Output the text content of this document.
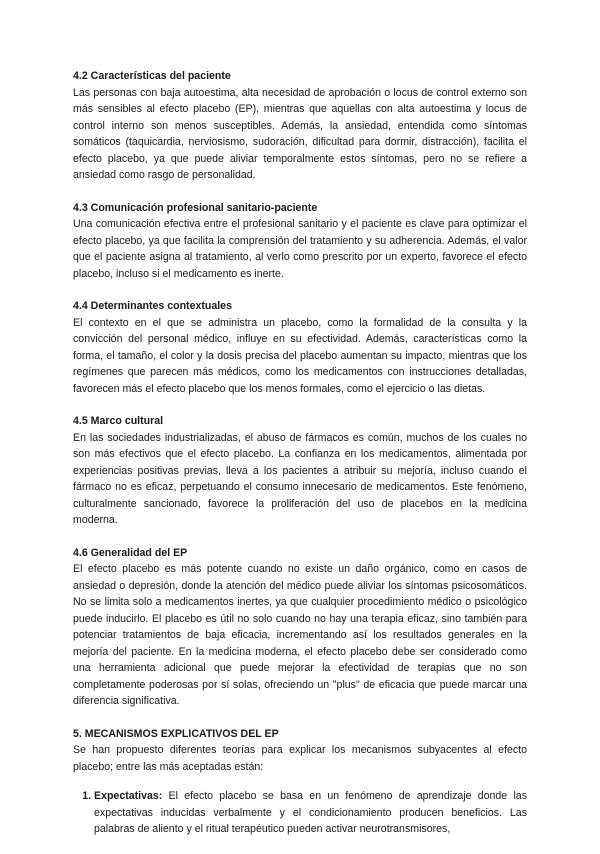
4.2 Características del paciente

Las personas con baja autoestima, alta necesidad de aprobación o locus de control externo son más sensibles al efecto placebo (EP), mientras que aquellas con alta autoestima y locus de control interno son menos susceptibles. Además, la ansiedad, entendida como síntomas somáticos (taquicardia, nerviosismo, sudoración, dificultad para dormir, distracción), facilita el efecto placebo, ya que puede aliviar temporalmente estos síntomas, pero no se refiere a ansiedad como rasgo de personalidad.

4.3 Comunicación profesional sanitario-paciente

Una comunicación efectiva entre el profesional sanitario y el paciente es clave para optimizar el efecto placebo, ya que facilita la comprensión del tratamiento y su adherencia. Además, el valor que el paciente asigna al tratamiento, al verlo como prescrito por un experto, favorece el efecto placebo, incluso si el medicamento es inerte.

4.4 Determinantes contextuales

El contexto en el que se administra un placebo, como la formalidad de la consulta y la convicción del personal médico, influye en su efectividad. Además, características como la forma, el tamaño, el color y la dosis precisa del placebo aumentan su impacto, mientras que los regímenes que parecen más médicos, como los medicamentos con instrucciones detalladas, favorecen más el efecto placebo que los menos formales, como el ejercicio o las dietas.

4.5 Marco cultural

En las sociedades industrializadas, el abuso de fármacos es común, muchos de los cuales no son más efectivos que el efecto placebo. La confianza en los medicamentos, alimentada por experiencias positivas previas, lleva a los pacientes a atribuir su mejoría, incluso cuando el fármaco no es eficaz, perpetuando el consumo innecesario de medicamentos. Este fenómeno, culturalmente sancionado, favorece la proliferación del uso de placebos en la medicina moderna.

4.6 Generalidad del EP

El efecto placebo es más potente cuando no existe un daño orgánico, como en casos de ansiedad o depresión, donde la atención del médico puede aliviar los síntomas psicosomáticos. No se limita solo a medicamentos inertes, ya que cualquier procedimiento médico o psicológico puede inducirlo. El placebo es útil no solo cuando no hay una terapia eficaz, sino también para potenciar tratamientos de baja eficacia, incrementando así los resultados generales en la mejoría del paciente. En la medicina moderna, el efecto placebo debe ser considerado como una herramienta adicional que puede mejorar la efectividad de terapias que no son completamente poderosas por sí solas, ofreciendo un "plus" de eficacia que puede marcar una diferencia significativa.

5. MECANISMOS EXPLICATIVOS DEL EP

Se han propuesto diferentes teorías para explicar los mecanismos subyacentes al efecto placebo; entre las más aceptadas están:

1. Expectativas: El efecto placebo se basa en un fenómeno de aprendizaje donde las expectativas inducidas verbalmente y el condicionamiento producen beneficios. Las palabras de aliento y el ritual terapéutico pueden activar neurotransmisores,
